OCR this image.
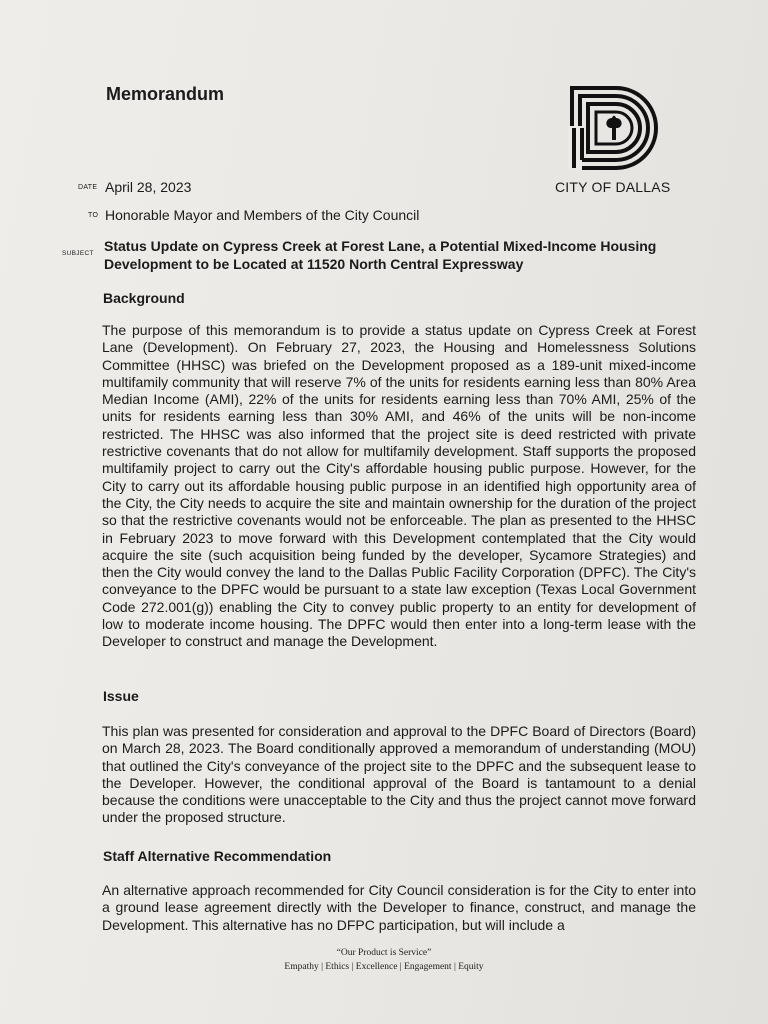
Memorandum
CITY OF DALLAS
DATE April 28, 2023
TO Honorable Mayor and Members of the City Council
SUBJECT Status Update on Cypress Creek at Forest Lane, a Potential Mixed-Income Housing Development to be Located at 11520 North Central Expressway
Background
The purpose of this memorandum is to provide a status update on Cypress Creek at Forest Lane (Development). On February 27, 2023, the Housing and Homelessness Solutions Committee (HHSC) was briefed on the Development proposed as a 189-unit mixed-income multifamily community that will reserve 7% of the units for residents earning less than 80% Area Median Income (AMI), 22% of the units for residents earning less than 70% AMI, 25% of the units for residents earning less than 30% AMI, and 46% of the units will be non-income restricted. The HHSC was also informed that the project site is deed restricted with private restrictive covenants that do not allow for multifamily development. Staff supports the proposed multifamily project to carry out the City's affordable housing public purpose. However, for the City to carry out its affordable housing public purpose in an identified high opportunity area of the City, the City needs to acquire the site and maintain ownership for the duration of the project so that the restrictive covenants would not be enforceable. The plan as presented to the HHSC in February 2023 to move forward with this Development contemplated that the City would acquire the site (such acquisition being funded by the developer, Sycamore Strategies) and then the City would convey the land to the Dallas Public Facility Corporation (DPFC). The City's conveyance to the DPFC would be pursuant to a state law exception (Texas Local Government Code 272.001(g)) enabling the City to convey public property to an entity for development of low to moderate income housing. The DPFC would then enter into a long-term lease with the Developer to construct and manage the Development.
Issue
This plan was presented for consideration and approval to the DPFC Board of Directors (Board) on March 28, 2023. The Board conditionally approved a memorandum of understanding (MOU) that outlined the City's conveyance of the project site to the DPFC and the subsequent lease to the Developer. However, the conditional approval of the Board is tantamount to a denial because the conditions were unacceptable to the City and thus the project cannot move forward under the proposed structure.
Staff Alternative Recommendation
An alternative approach recommended for City Council consideration is for the City to enter into a ground lease agreement directly with the Developer to finance, construct, and manage the Development. This alternative has no DFPC participation, but will include a
“Our Product is Service”
Empathy | Ethics | Excellence | Engagement | Equity
